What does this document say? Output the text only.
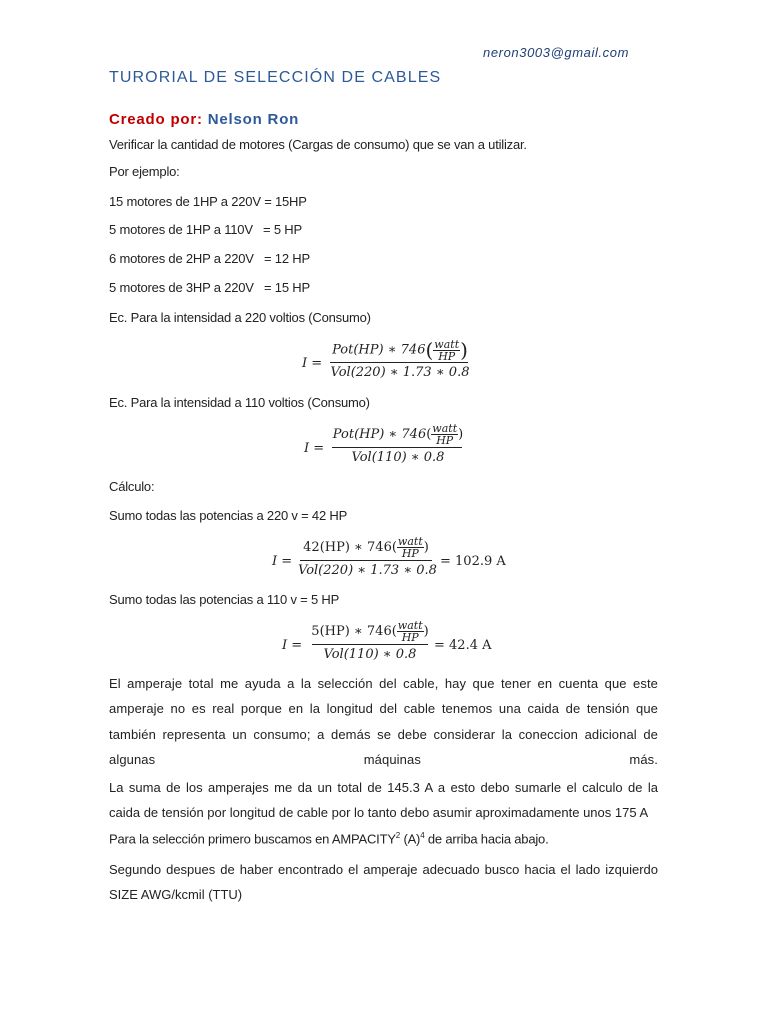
neron3003@gmail.com
TURORIAL DE SELECCIÓN DE CABLES
Creado por: Nelson Ron
Verificar la cantidad de motores (Cargas de consumo) que se van a utilizar.
Por ejemplo:
15 motores de 1HP a 220V = 15HP
5 motores de 1HP a 110V   = 5 HP
6 motores de 2HP a 220V   = 12 HP
5 motores de 3HP a 220V   = 15 HP
Ec. Para la intensidad a 220 voltios (Consumo)
I =
Pot(HP) ∗ 746( watt
HP )
Vol(220) ∗ 1.73 ∗ 0.8
Ec. Para la intensidad a 110 voltios (Consumo)
I =
Pot(HP) ∗ 746( watt
HP )
Vol(110) ∗ 0.8
Cálculo:
Sumo todas las potencias a 220 v = 42 HP
I =
42(HP) ∗ 746( watt
HP )
Vol(220) ∗ 1.73 ∗ 0.8
= 102.9 A
Sumo todas las potencias a 110 v = 5 HP
I =
5(HP) ∗ 746( watt
HP )
Vol(110) ∗ 0.8
= 42.4 A
El amperaje total me ayuda a la selección del cable, hay que tener en cuenta que este amperaje no es real porque en la longitud del cable tenemos una caida de tensión que también representa un consumo; a demás se debe considerar la coneccion adicional de algunas máquinas más.
La suma de los amperajes me da un total de 145.3 A a esto debo sumarle el calculo de la caida de tensión por longitud de cable por lo tanto debo asumir aproximadamente unos 175 A
Para la selección primero buscamos en AMPACITY$^2$ $(A)^4$ de arriba hacia abajo.
Segundo despues de haber encontrado el amperaje adecuado busco hacia el lado izquierdo SIZE AWG/kcmil (TTU)
